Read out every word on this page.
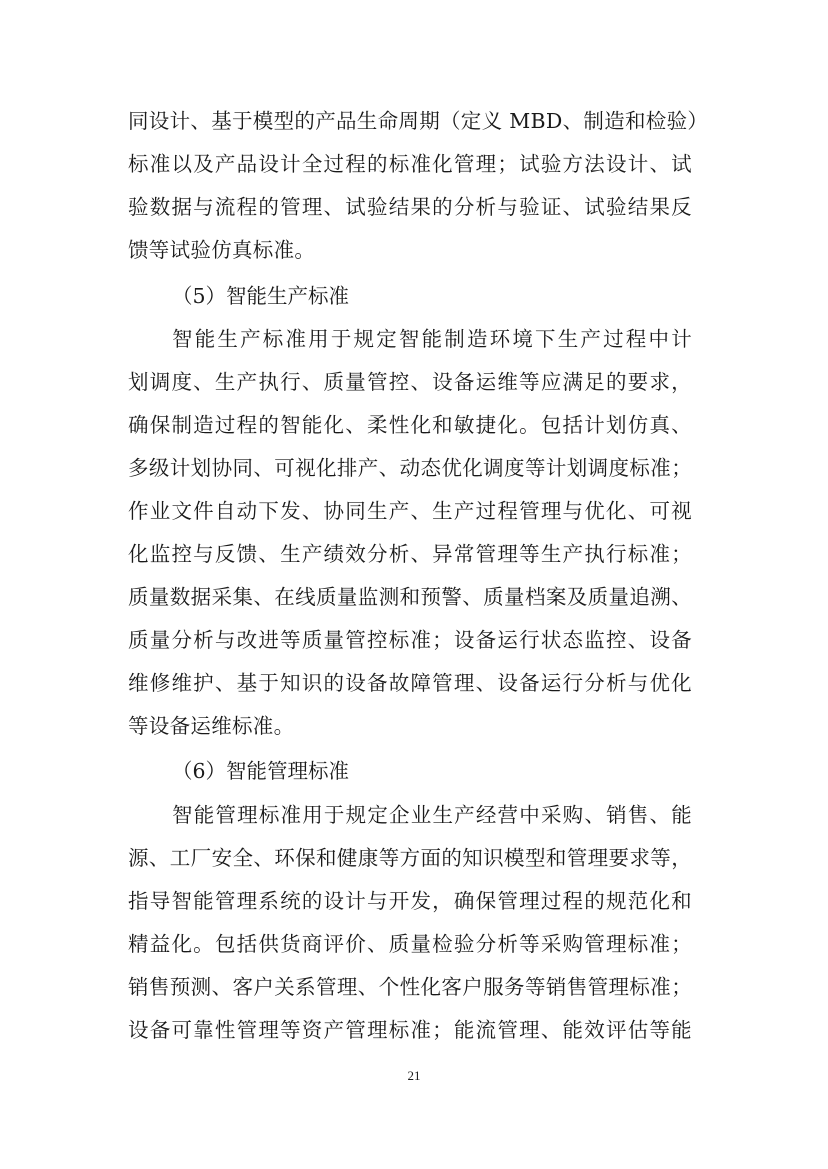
同设计、基于模型的产品生命周期（定义 MBD、制造和检验）
标准以及产品设计全过程的标准化管理；试验方法设计、试
验数据与流程的管理、试验结果的分析与验证、试验结果反
馈等试验仿真标准。
（5）智能生产标准
智能生产标准用于规定智能制造环境下生产过程中计
划调度、生产执行、质量管控、设备运维等应满足的要求，
确保制造过程的智能化、柔性化和敏捷化。包括计划仿真、
多级计划协同、可视化排产、动态优化调度等计划调度标准；
作业文件自动下发、协同生产、生产过程管理与优化、可视
化监控与反馈、生产绩效分析、异常管理等生产执行标准；
质量数据采集、在线质量监测和预警、质量档案及质量追溯、
质量分析与改进等质量管控标准；设备运行状态监控、设备
维修维护、基于知识的设备故障管理、设备运行分析与优化
等设备运维标准。
（6）智能管理标准
智能管理标准用于规定企业生产经营中采购、销售、能
源、工厂安全、环保和健康等方面的知识模型和管理要求等，
指导智能管理系统的设计与开发，确保管理过程的规范化和
精益化。包括供货商评价、质量检验分析等采购管理标准；
销售预测、客户关系管理、个性化客户服务等销售管理标准；
设备可靠性管理等资产管理标准；能流管理、能效评估等能
21
